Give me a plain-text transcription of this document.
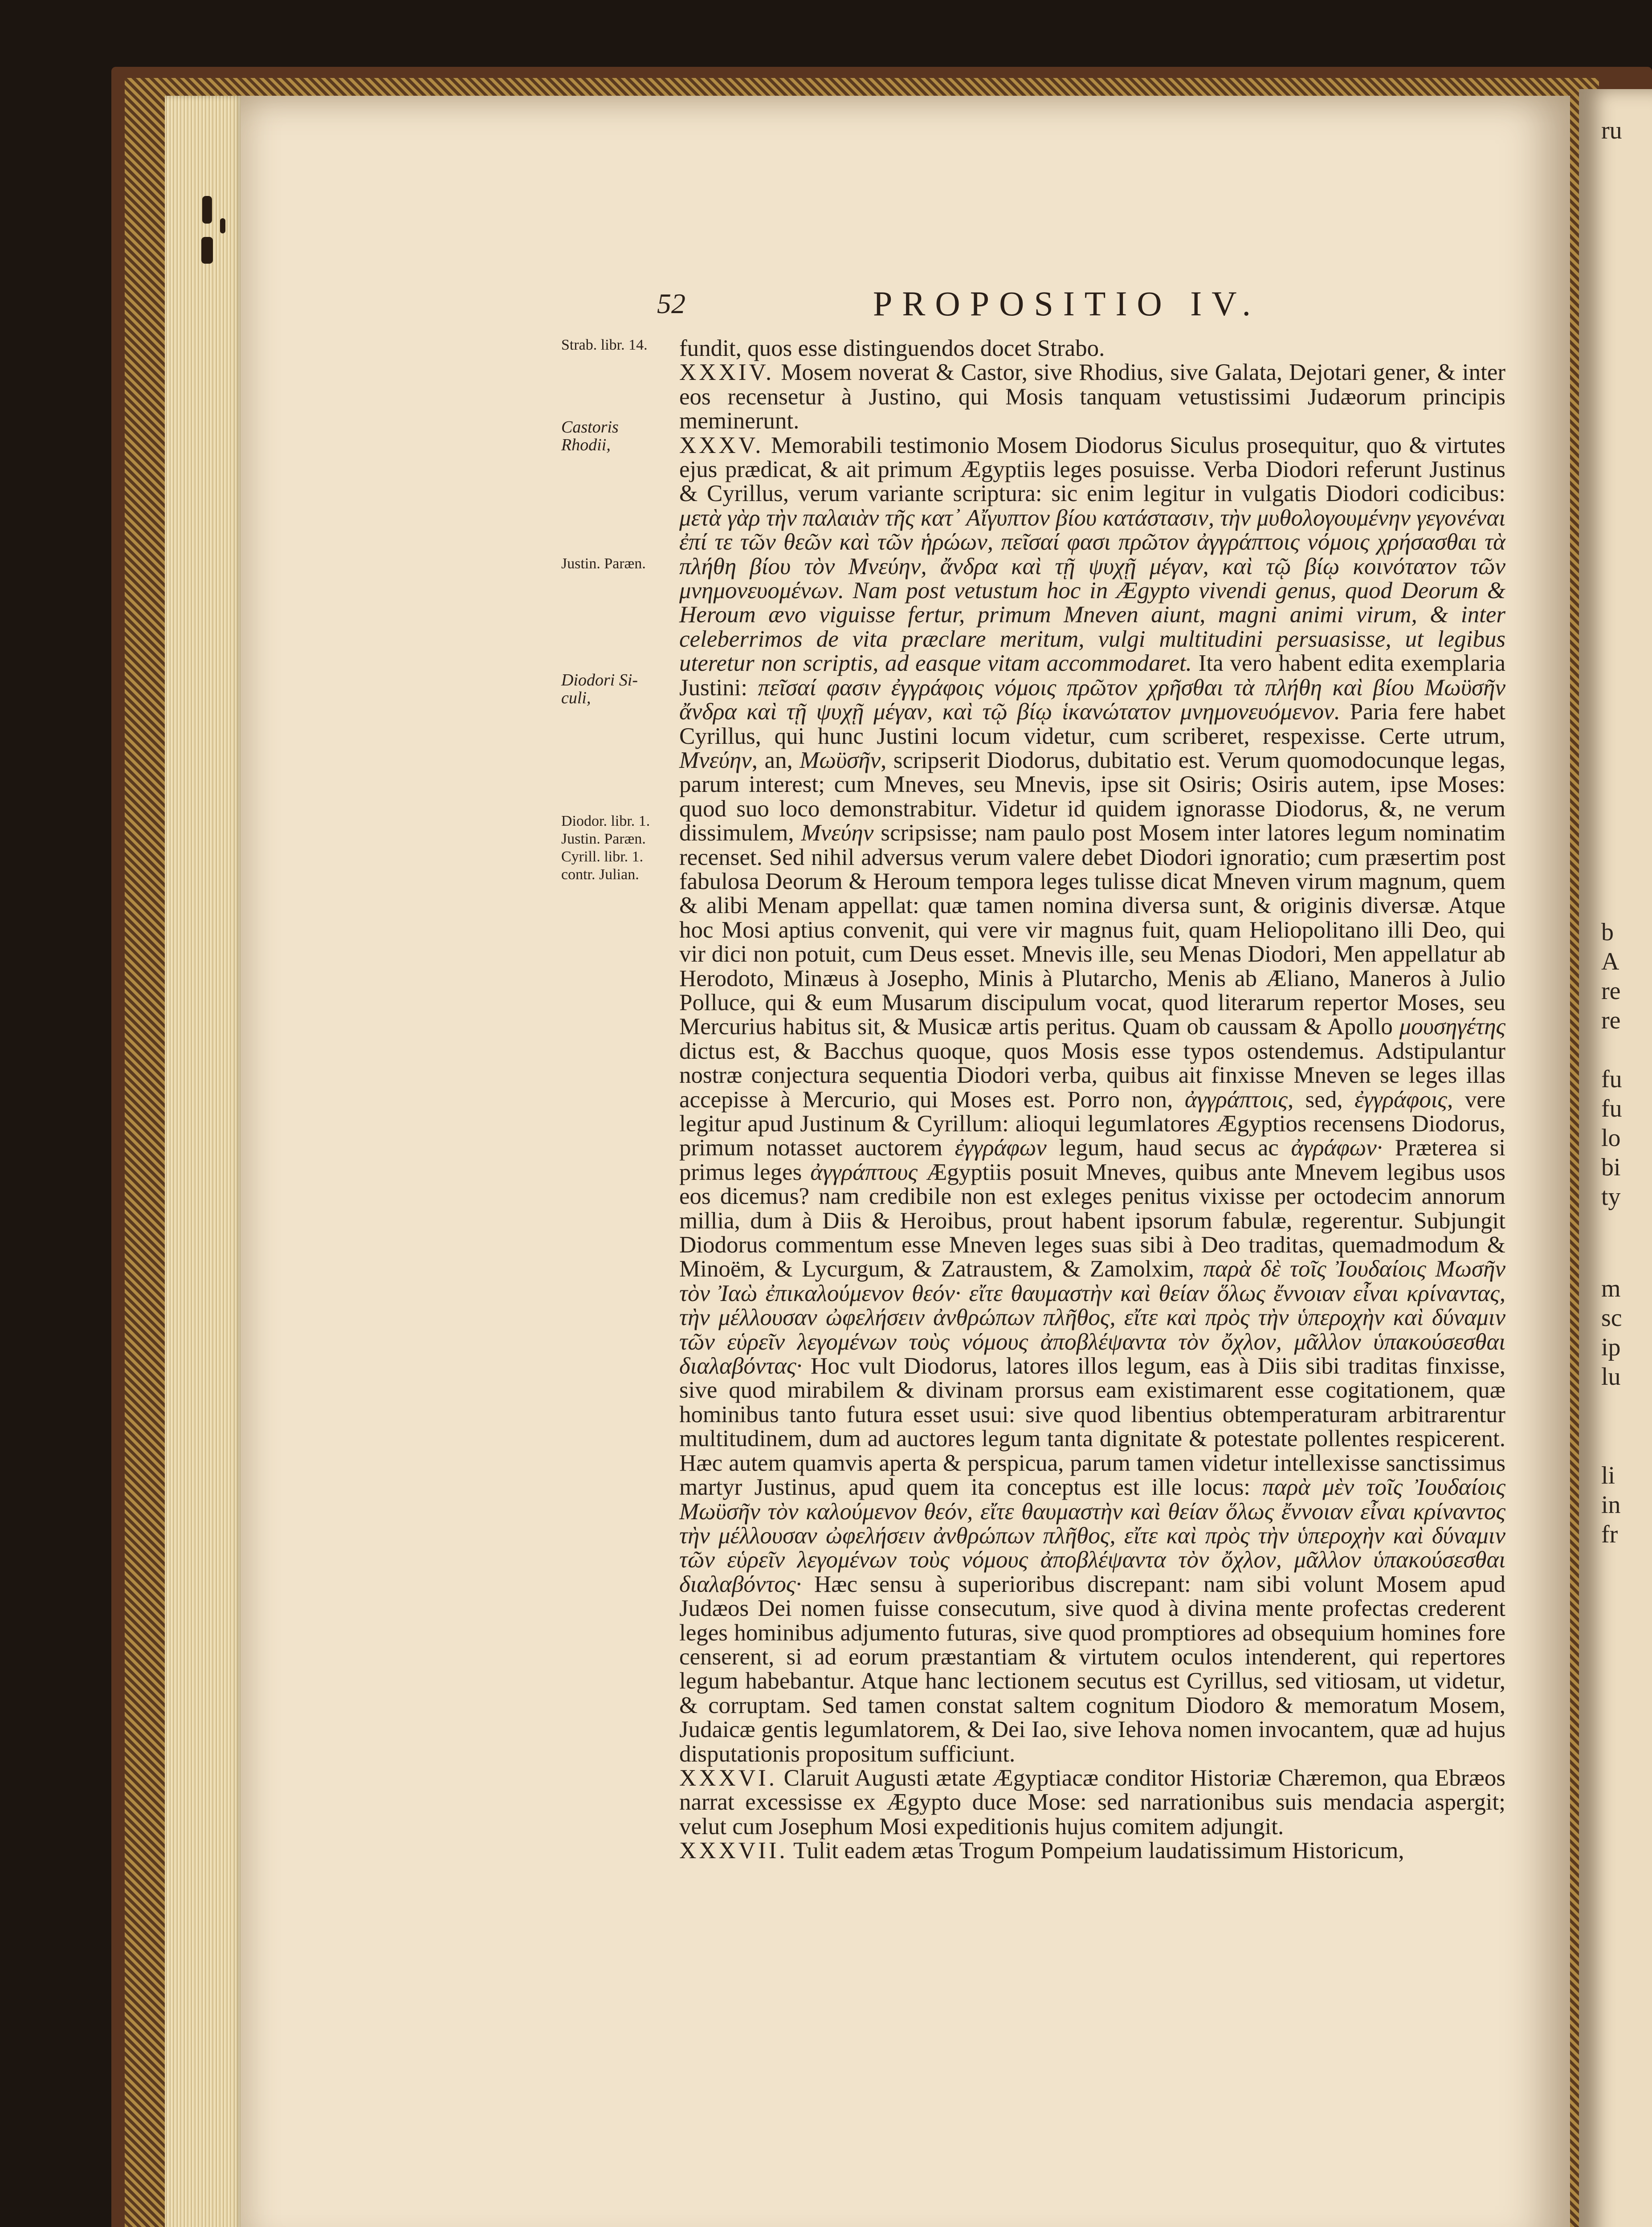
ru
b
A
re
re

fu
fu
lo
bi
ty
m
sc
ip
lu
li
in
fr
52	PROPOSITIO IV.
Strab. libr. 14.
Castoris
Rhodii,
Justin. Paræn.
Diodori Si-
culi,
Diodor. libr. 1.
Justin. Paræn.
Cyrill. libr. 1.
contr. Julian.

fundit, quos esse distinguendos docet Strabo.

XXXIV. Mosem noverat & Castor, sive Rhodius, sive Galata, Dejotari gener, & inter eos recensetur à Justino, qui Mosis tanquam vetustissimi Judæorum principis meminerunt.

XXXV. Memorabili testimonio Mosem Diodorus Siculus prosequitur, quo & virtutes ejus prædicat, & ait primum Ægyptiis leges posuisse. Verba Diodori referunt Justinus & Cyrillus, verum variante scriptura: sic enim legitur in vulgatis Diodori codicibus: μετὰ γὰρ τὴν παλαιὰν τῆς κατ᾽ Αἴγυπτον βίου κατάστασιν, τὴν μυθολογουμένην γεγονέναι ἐπί τε τῶν θεῶν καὶ τῶν ἡρώων, πεῖσαί φασι πρῶτον ἀγγράπτοις νόμοις χρήσασθαι τὰ πλήθη βίου τὸν Μνεύην, ἄνδρα καὶ τῇ ψυχῇ μέγαν, καὶ τῷ βίῳ κοινότατον τῶν μνημονευομένων. Nam post vetustum hoc in Ægypto vivendi genus, quod Deorum & Heroum ævo viguisse fertur, primum Mneven aiunt, magni animi virum, & inter celeberrimos de vita præclare meritum, vulgi multitudini persuasisse, ut legibus uteretur non scriptis, ad easque vitam accommodaret. Ita vero habent edita exemplaria Justini: πεῖσαί φασιν ἐγγράφοις νόμοις πρῶτον χρῆσθαι τὰ πλήθη καὶ βίου Μωϋσῆν ἄνδρα καὶ τῇ ψυχῇ μέγαν, καὶ τῷ βίῳ ἱκανώτατον μνημονευόμενον. Paria fere habet Cyrillus, qui hunc Justini locum videtur, cum scriberet, respexisse. Certe utrum, Μνεύην, an, Μωϋσῆν, scripserit Diodorus, dubitatio est. Verum quomodocunque legas, parum interest; cum Mneves, seu Mnevis, ipse sit Osiris; Osiris autem, ipse Moses: quod suo loco demonstrabitur. Videtur id quidem ignorasse Diodorus, &, ne verum dissimulem, Μνεύην scripsisse; nam paulo post Mosem inter latores legum nominatim recenset. Sed nihil adversus verum valere debet Diodori ignoratio; cum præsertim post fabulosa Deorum & Heroum tempora leges tulisse dicat Mneven virum magnum, quem & alibi Menam appellat: quæ tamen nomina diversa sunt, & originis diversæ. Atque hoc Mosi aptius convenit, qui vere vir magnus fuit, quam Heliopolitano illi Deo, qui vir dici non potuit, cum Deus esset. Mnevis ille, seu Menas Diodori, Men appellatur ab Herodoto, Minæus à Josepho, Minis à Plutarcho, Menis ab Æliano, Maneros à Julio Polluce, qui & eum Musarum discipulum vocat, quod literarum repertor Moses, seu Mercurius habitus sit, & Musicæ artis peritus. Quam ob caussam & Apollo μουσηγέτης dictus est, & Bacchus quoque, quos Mosis esse typos ostendemus. Adstipulantur nostræ conjectura sequentia Diodori verba, quibus ait finxisse Mneven se leges illas accepisse à Mercurio, qui Moses est. Porro non, ἀγγράπτοις, sed, ἐγγράφοις, vere legitur apud Justinum & Cyrillum: alioqui legumlatores Ægyptios recensens Diodorus, primum notasset auctorem ἐγγράφων legum, haud secus ac ἀγράφων· Præterea si primus leges ἀγγράπτους Ægyptiis posuit Mneves, quibus ante Mnevem legibus usos eos dicemus? nam credibile non est exleges penitus vixisse per octodecim annorum millia, dum à Diis & Heroibus, prout habent ipsorum fabulæ, regerentur. Subjungit Diodorus commentum esse Mneven leges suas sibi à Deo traditas, quemadmodum & Minoëm, & Lycurgum, & Zatraustem, & Zamolxim, παρὰ δὲ τοῖς Ἰουδαίοις Μωσῆν τὸν Ἰαὼ ἐπικαλούμενον θεόν· εἴτε θαυμαστὴν καὶ θείαν ὅλως ἔννοιαν εἶναι κρίναντας, τὴν μέλλουσαν ὠφελήσειν ἀνθρώπων πλῆθος, εἴτε καὶ πρὸς τὴν ὑπεροχὴν καὶ δύναμιν τῶν εὑρεῖν λεγομένων τοὺς νόμους ἀποβλέψαντα τὸν ὄχλον, μᾶλλον ὑπακούσεσθαι διαλαβόντας· Hoc vult Diodorus, latores illos legum, eas à Diis sibi traditas finxisse, sive quod mirabilem & divinam prorsus eam existimarent esse cogitationem, quæ hominibus tanto futura esset usui: sive quod libentius obtemperaturam arbitrarentur multitudinem, dum ad auctores legum tanta dignitate & potestate pollentes respicerent. Hæc autem quamvis aperta & perspicua, parum tamen videtur intellexisse sanctissimus martyr Justinus, apud quem ita conceptus est ille locus: παρὰ μὲν τοῖς Ἰουδαίοις Μωϋσῆν τὸν καλούμενον θεόν, εἴτε θαυμαστὴν καὶ θείαν ὅλως ἔννοιαν εἶναι κρίναντος τὴν μέλλουσαν ὠφελήσειν ἀνθρώπων πλῆθος, εἴτε καὶ πρὸς τὴν ὑπεροχὴν καὶ δύναμιν τῶν εὑρεῖν λεγομένων τοὺς νόμους ἀποβλέψαντα τὸν ὄχλον, μᾶλλον ὑπακούσεσθαι διαλαβόντος· Hæc sensu à superioribus discrepant: nam sibi volunt Mosem apud Judæos Dei nomen fuisse consecutum, sive quod à divina mente profectas crederent leges hominibus adjumento futuras, sive quod promptiores ad obsequium homines fore censerent, si ad eorum præstantiam & virtutem oculos intenderent, qui repertores legum habebantur. Atque hanc lectionem secutus est Cyrillus, sed vitiosam, ut videtur, & corruptam. Sed tamen constat saltem cognitum Diodoro & memoratum Mosem, Judaicæ gentis legumlatorem, & Dei Iao, sive Iehova nomen invocantem, quæ ad hujus disputationis propositum sufficiunt.

XXXVI. Claruit Augusti ætate Ægyptiacæ conditor Historiæ Chæremon, qua Ebræos narrat excessisse ex Ægypto duce Mose: sed narrationibus suis mendacia aspergit; velut cum Josephum Mosi expeditionis hujus comitem adjungit.

XXXVII. Tulit eadem ætas Trogum Pompeium laudatissimum Historicum,
